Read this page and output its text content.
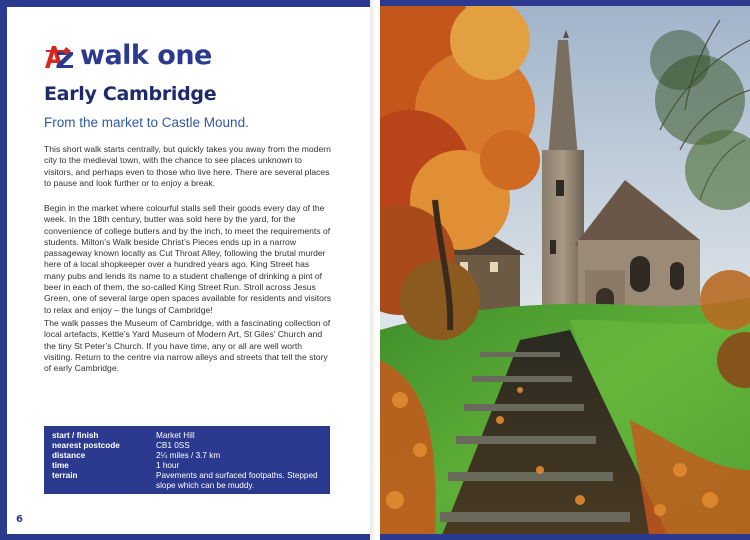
walk one
Early Cambridge
From the market to Castle Mound.

This short walk starts centrally, but quickly takes you away from the modern city to the medieval town, with the chance to see places unknown to visitors, and perhaps even to those who live here. There are several places to pause and look further or to enjoy a break.

Begin in the market where colourful stalls sell their goods every day of the week. In the 18th century, butter was sold here by the yard, for the convenience of college butlers and by the inch, to meet the requirements of students. Milton’s Walk beside Christ’s Pieces ends up in a narrow passageway known locally as Cut Throat Alley, following the brutal murder here of a local shopkeeper over a hundred years ago. King Street has many pubs and lends its name to a student challenge of drinking a pint of beer in each of them, the so-called King Street Run. Stroll across Jesus Green, one of several large open spaces available for residents and visitors to relax and enjoy – the lungs of Cambridge!

The walk passes the Museum of Cambridge, with a fascinating collection of local artefacts, Kettle’s Yard Museum of Modern Art, St Giles’ Church and the tiny St Peter’s Church. If you have time, any or all are well worth visiting. Return to the centre via narrow alleys and streets that tell the story of early Cambridge.

start / finish	Market Hill
nearest postcode	CB1 0SS
distance	2¼ miles / 3.7 km
time	1 hour
terrain	Pavements and surfaced footpaths. Stepped slope which can be muddy.
6
